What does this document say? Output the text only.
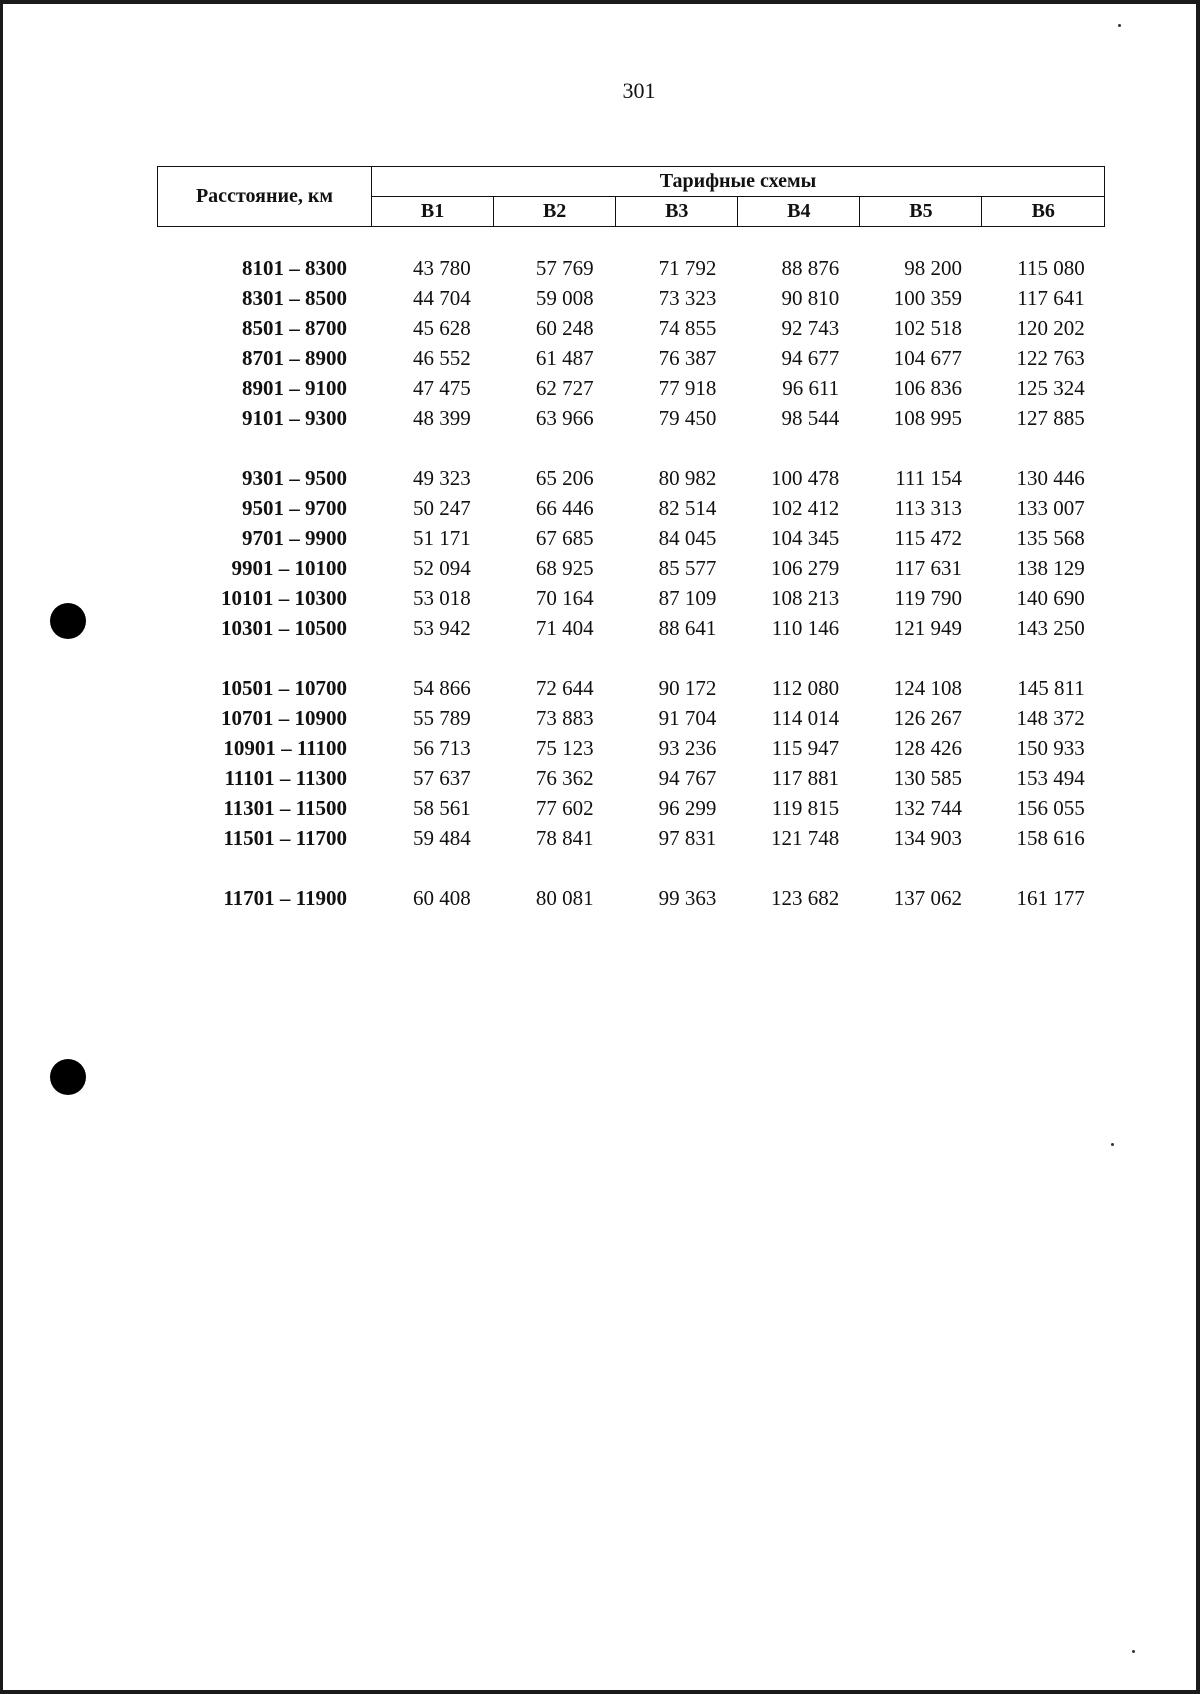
301
Расстояние, км	Тарифные схемы					
	В1	В2	В3	В4	В5	В6
8101 – 8300	43 780	57 769	71 792	88 876	98 200	115 080
8301 – 8500	44 704	59 008	73 323	90 810	100 359	117 641
8501 – 8700	45 628	60 248	74 855	92 743	102 518	120 202
8701 – 8900	46 552	61 487	76 387	94 677	104 677	122 763
8901 – 9100	47 475	62 727	77 918	96 611	106 836	125 324
9101 – 9300	48 399	63 966	79 450	98 544	108 995	127 885
9301 – 9500	49 323	65 206	80 982	100 478	111 154	130 446
9501 – 9700	50 247	66 446	82 514	102 412	113 313	133 007
9701 – 9900	51 171	67 685	84 045	104 345	115 472	135 568
9901 – 10100	52 094	68 925	85 577	106 279	117 631	138 129
10101 – 10300	53 018	70 164	87 109	108 213	119 790	140 690
10301 – 10500	53 942	71 404	88 641	110 146	121 949	143 250
10501 – 10700	54 866	72 644	90 172	112 080	124 108	145 811
10701 – 10900	55 789	73 883	91 704	114 014	126 267	148 372
10901 – 11100	56 713	75 123	93 236	115 947	128 426	150 933
11101 – 11300	57 637	76 362	94 767	117 881	130 585	153 494
11301 – 11500	58 561	77 602	96 299	119 815	132 744	156 055
11501 – 11700	59 484	78 841	97 831	121 748	134 903	158 616
11701 – 11900	60 408	80 081	99 363	123 682	137 062	161 177
